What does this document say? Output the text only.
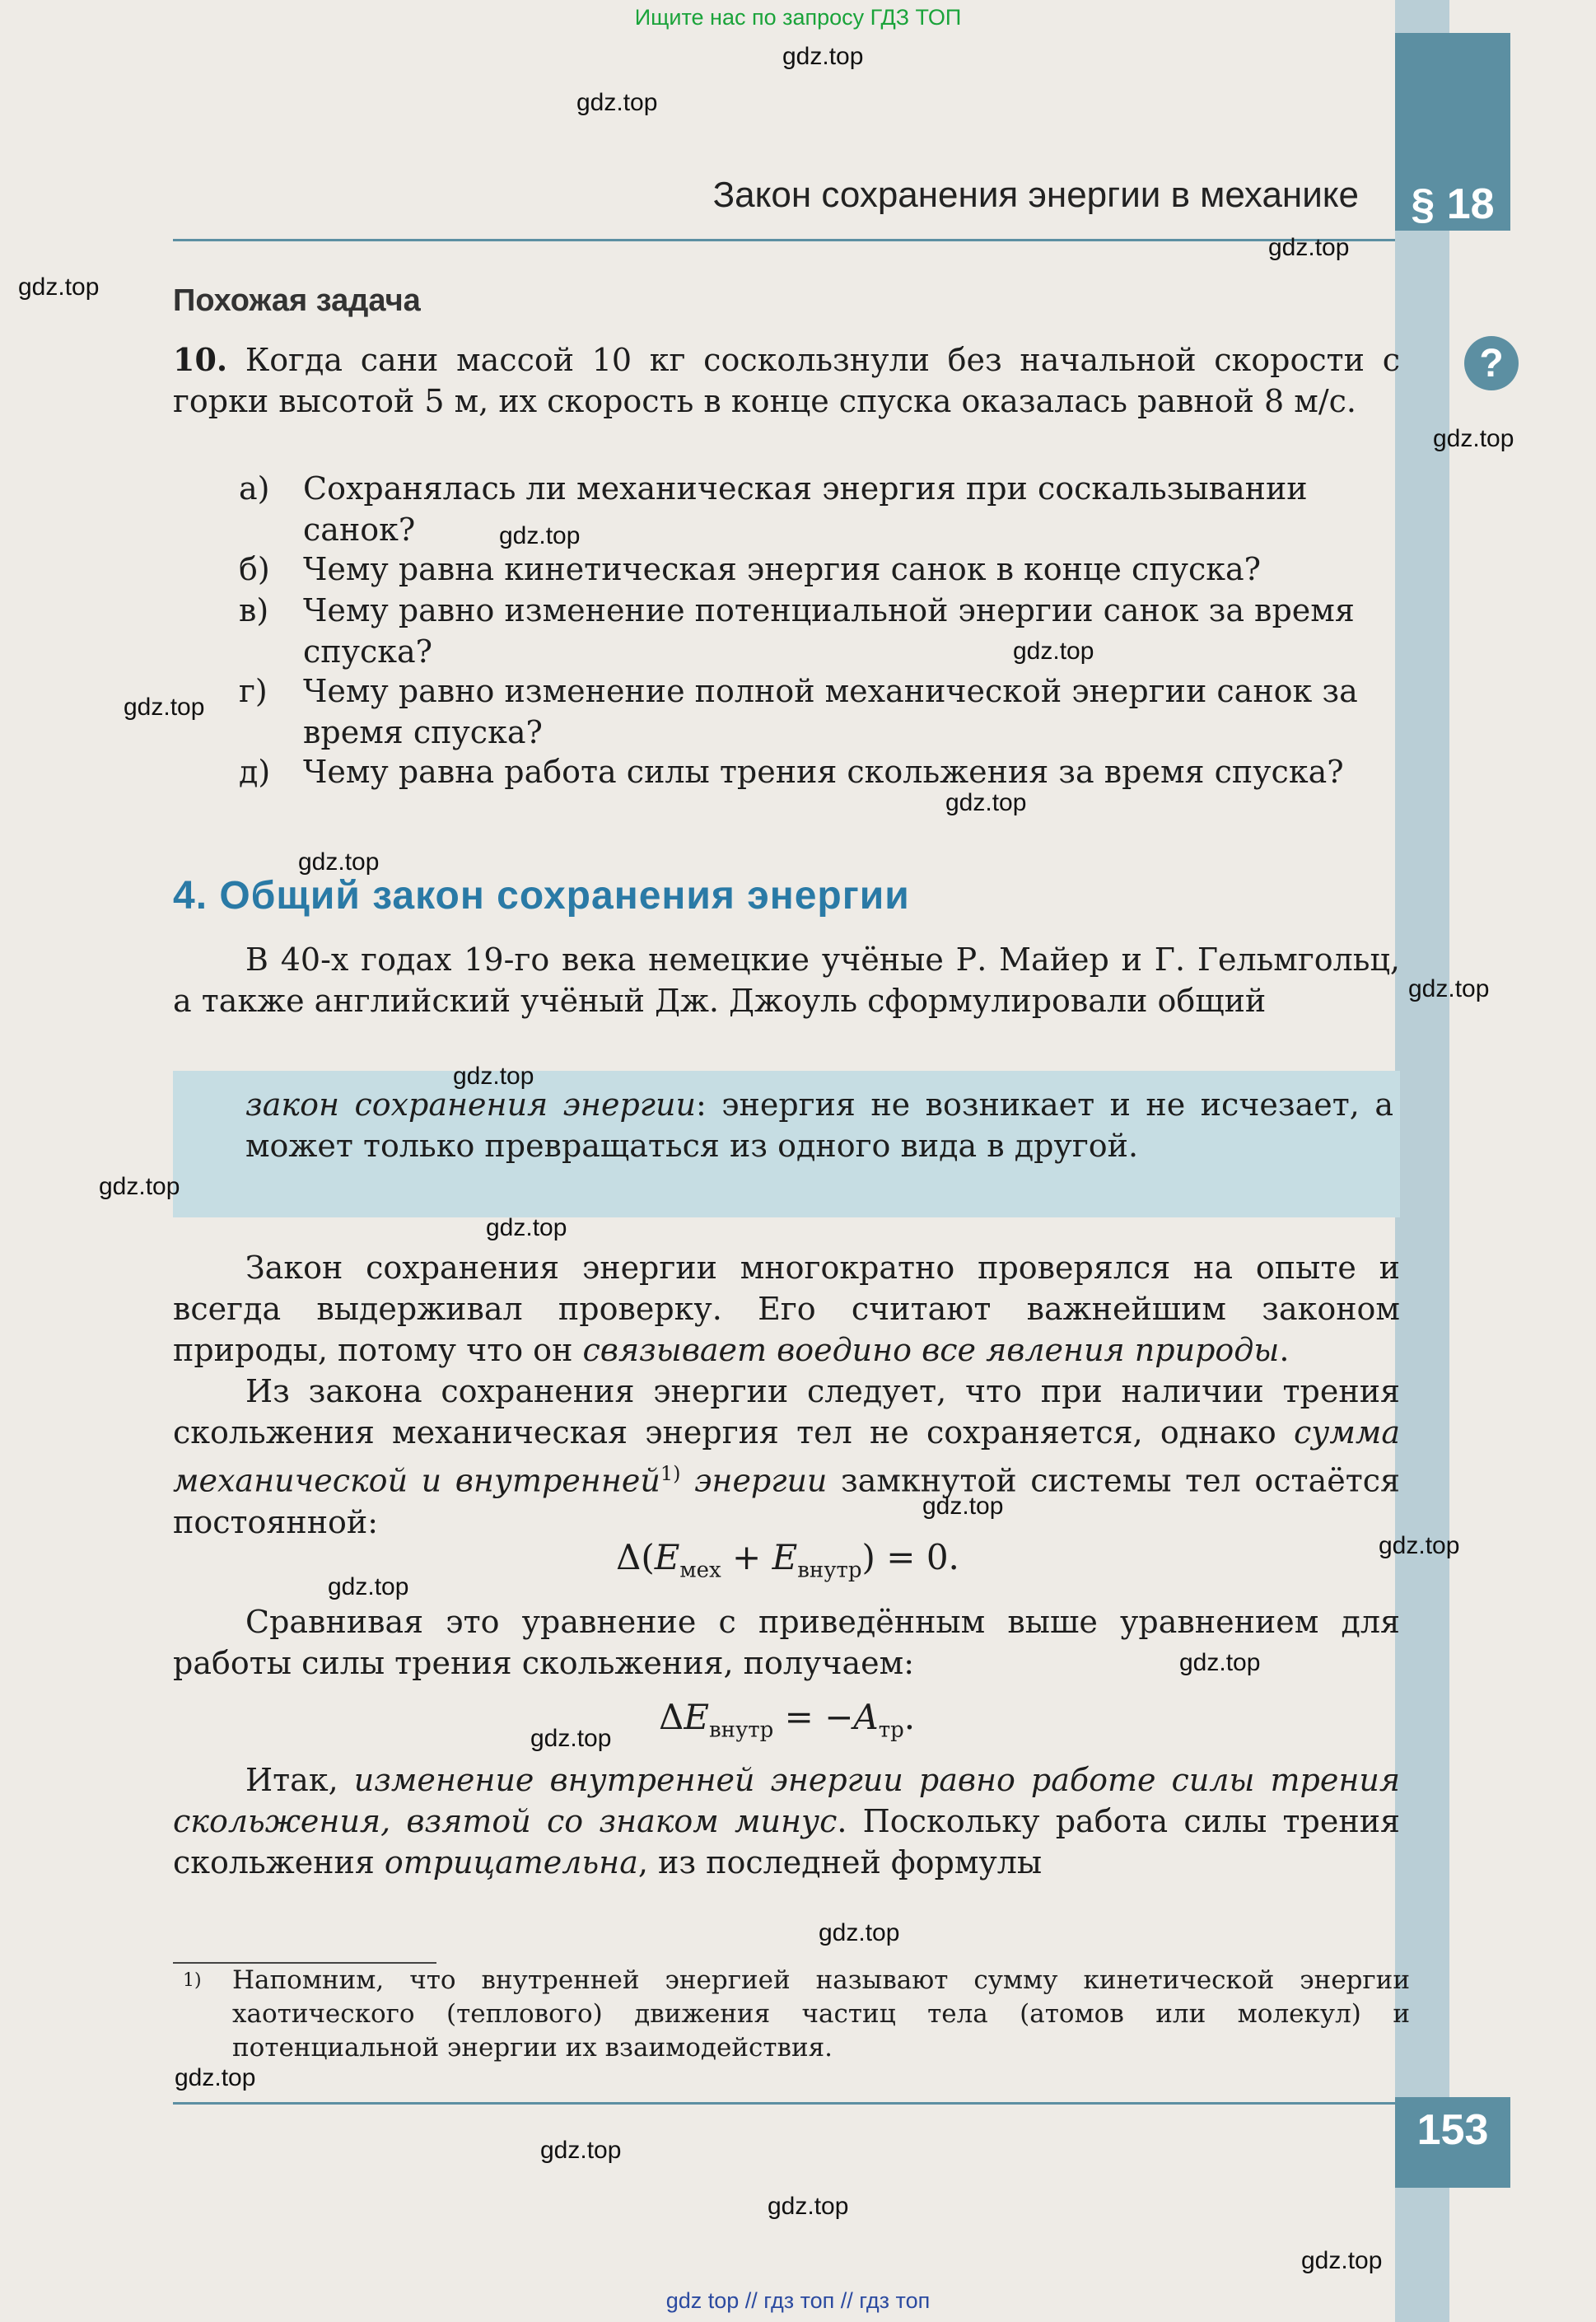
Ищите нас по запросу ГДЗ ТОП
§ 18
Закон сохранения энергии в механике
?
Похожая задача
10. Когда сани массой 10 кг соскользнули без начальной скорости с горки высотой 5 м, их скорость в конце спуска оказалась равной 8 м/с.
а)	Сохранялась ли механическая энергия при соскальзывании санок?
б)	Чему равна кинетическая энергия санок в конце спуска?
в)	Чему равно изменение потенциальной энергии санок за время спуска?
г)	Чему равно изменение полной механической энергии санок за время спуска?
д)	Чему равна работа силы трения скольжения за время спуска?
4. Общий закон сохранения энергии
В 40-х годах 19-го века немецкие учёные Р. Майер и Г. Гельмгольц, а также английский учёный Дж. Джоуль сформулировали общий
закон сохранения энергии: энергия не возникает и не исчезает, а может только превращаться из одного вида в другой.
Закон сохранения энергии многократно проверялся на опыте и всегда выдерживал проверку. Его считают важнейшим законом природы, потому что он связывает воедино все явления природы.
Из закона сохранения энергии следует, что при наличии трения скольжения механическая энергия тел не сохраняется, однако сумма механической и внутренней$^{1)}$ энергии замкнутой системы тел остаётся постоянной:
$\Delta(E_{мех} + E_{внутр}) = 0$.
Сравнивая это уравнение с приведённым выше уравнением для работы силы трения скольжения, получаем:
$\Delta E_{внутр} = -A_{тр}$.
Итак, изменение внутренней энергии равно работе силы трения скольжения, взятой со знаком минус. Поскольку работа силы трения скольжения отрицательна, из последней формулы
1)	Напомним, что внутренней энергией называют сумму кинетической энергии хаотического (теплового) движения частиц тела (атомов или молекул) и потенциальной энергии их взаимодействия.
153
gdz.top
gdz.top
gdz.top
gdz.top
gdz.top
gdz.top
gdz.top
gdz.top
gdz.top
gdz.top
gdz.top
gdz.top
gdz.top
gdz.top
gdz.top
gdz.top
gdz.top
gdz.top
gdz.top
gdz.top
gdz.top
gdz.top
gdz.top
gdz.top
gdz top // гдз топ // гдз топ
